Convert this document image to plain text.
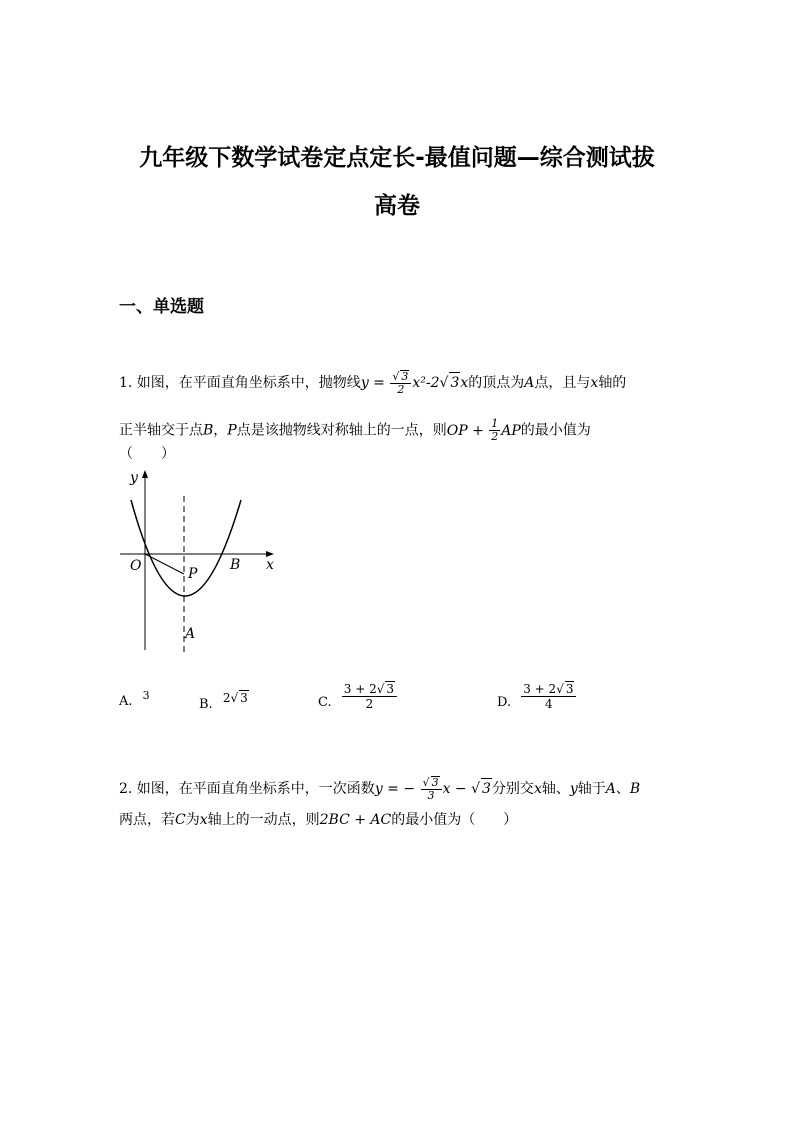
九年级下数学试卷定点定长-最值问题—综合测试拔
高卷
一、单选题
1. 如图，在平面直角坐标系中，抛物线$y = \frac{√ 3}{2} x^2-2√$ 3x的顶点为A点，且与x轴的
正半轴交于点B，P点是该抛物线对称轴上的一点，则OP + $\frac{1}{2}$ AP的最小值为
（　　）
y
x
O	P
B
A
A. $^3$
B. 2√ 3	C. $\frac{3 + 2√ 3}{2}$	D. $\frac{3 + 2√ 3}{4}$
2. 如图，在平面直角坐标系中，一次函数y = − $\frac{√ 3}{3}$ x − √ 3分别交x轴、y轴于A、B
两点，若C为x轴上的一动点，则2BC + AC的最小值为（　　）
